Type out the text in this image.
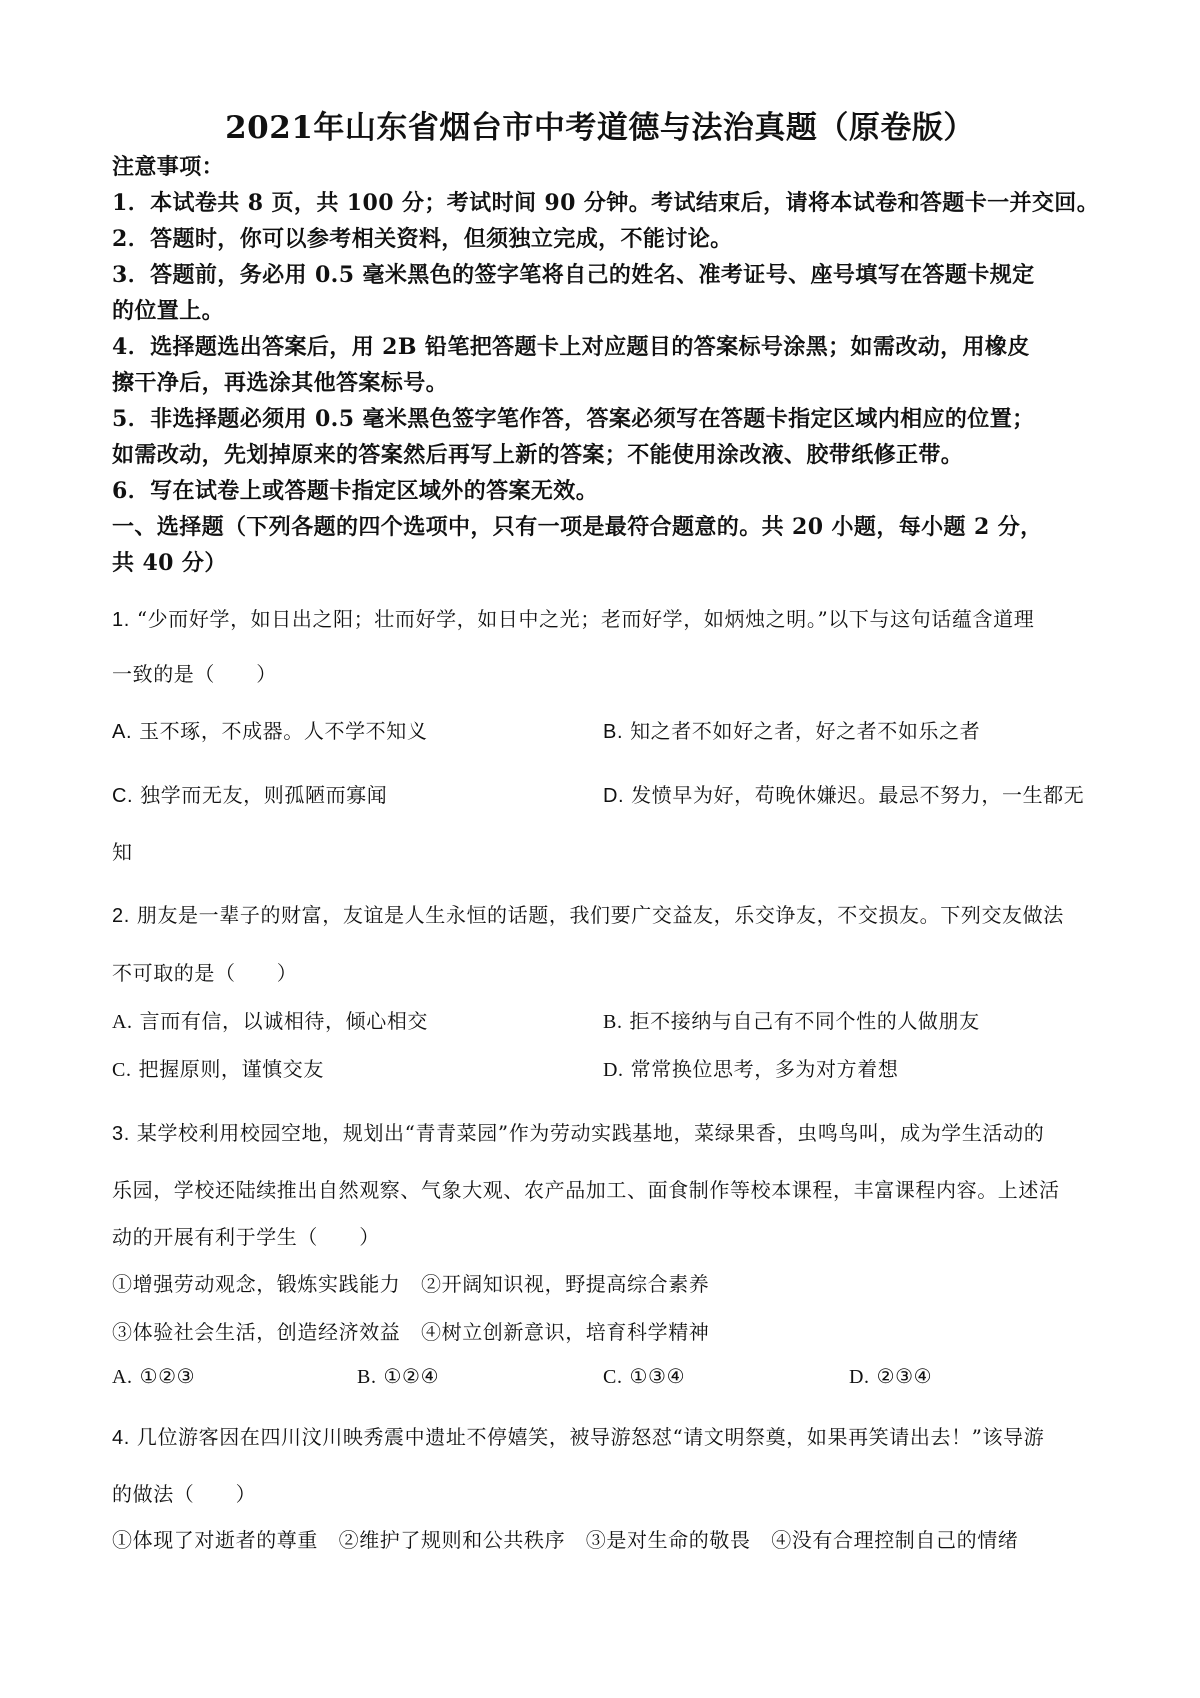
2021年山东省烟台市中考道德与法治真题（原卷版）
注意事项：
1．本试卷共 8 页，共 100 分；考试时间 90 分钟。考试结束后，请将本试卷和答题卡一并交回。
2．答题时，你可以参考相关资料，但须独立完成，不能讨论。
3．答题前，务必用 0.5 毫米黑色的签字笔将自己的姓名、准考证号、座号填写在答题卡规定
的位置上。
4．选择题选出答案后，用 2B 铅笔把答题卡上对应题目的答案标号涂黑；如需改动，用橡皮
擦干净后，再选涂其他答案标号。
5．非选择题必须用 0.5 毫米黑色签字笔作答，答案必须写在答题卡指定区域内相应的位置；
如需改动，先划掉原来的答案然后再写上新的答案；不能使用涂改液、胶带纸修正带。
6．写在试卷上或答题卡指定区域外的答案无效。
一、选择题（下列各题的四个选项中，只有一项是最符合题意的。共 20 小题，每小题 2 分，
共 40 分）
1. “少而好学，如日出之阳；壮而好学，如日中之光；老而好学，如炳烛之明。”以下与这句话蕴含道理
一致的是（　　）
A. 玉不琢，不成器。人不学不知义	B. 知之者不如好之者，好之者不如乐之者
C. 独学而无友，则孤陋而寡闻	D. 发愤早为好，苟晚休嫌迟。最忌不努力，一生都无
知
2. 朋友是一辈子的财富，友谊是人生永恒的话题，我们要广交益友，乐交诤友，不交损友。下列交友做法
不可取的是（　　）
A. 言而有信，以诚相待，倾心相交	B. 拒不接纳与自己有不同个性的人做朋友
C. 把握原则，谨慎交友	D. 常常换位思考，多为对方着想
3. 某学校利用校园空地，规划出“青青菜园”作为劳动实践基地，菜绿果香，虫鸣鸟叫，成为学生活动的
乐园，学校还陆续推出自然观察、气象大观、农产品加工、面食制作等校本课程，丰富课程内容。上述活
动的开展有利于学生（　　）
①增强劳动观念，锻炼实践能力　②开阔知识视，野提高综合素养
③体验社会生活，创造经济效益　④树立创新意识，培育科学精神
A. ①②③	B. ①②④	C. ①③④	D. ②③④
4. 几位游客因在四川汶川映秀震中遗址不停嬉笑，被导游怒怼“请文明祭奠，如果再笑请出去！”该导游
的做法（　　）
①体现了对逝者的尊重　②维护了规则和公共秩序　③是对生命的敬畏　④没有合理控制自己的情绪
